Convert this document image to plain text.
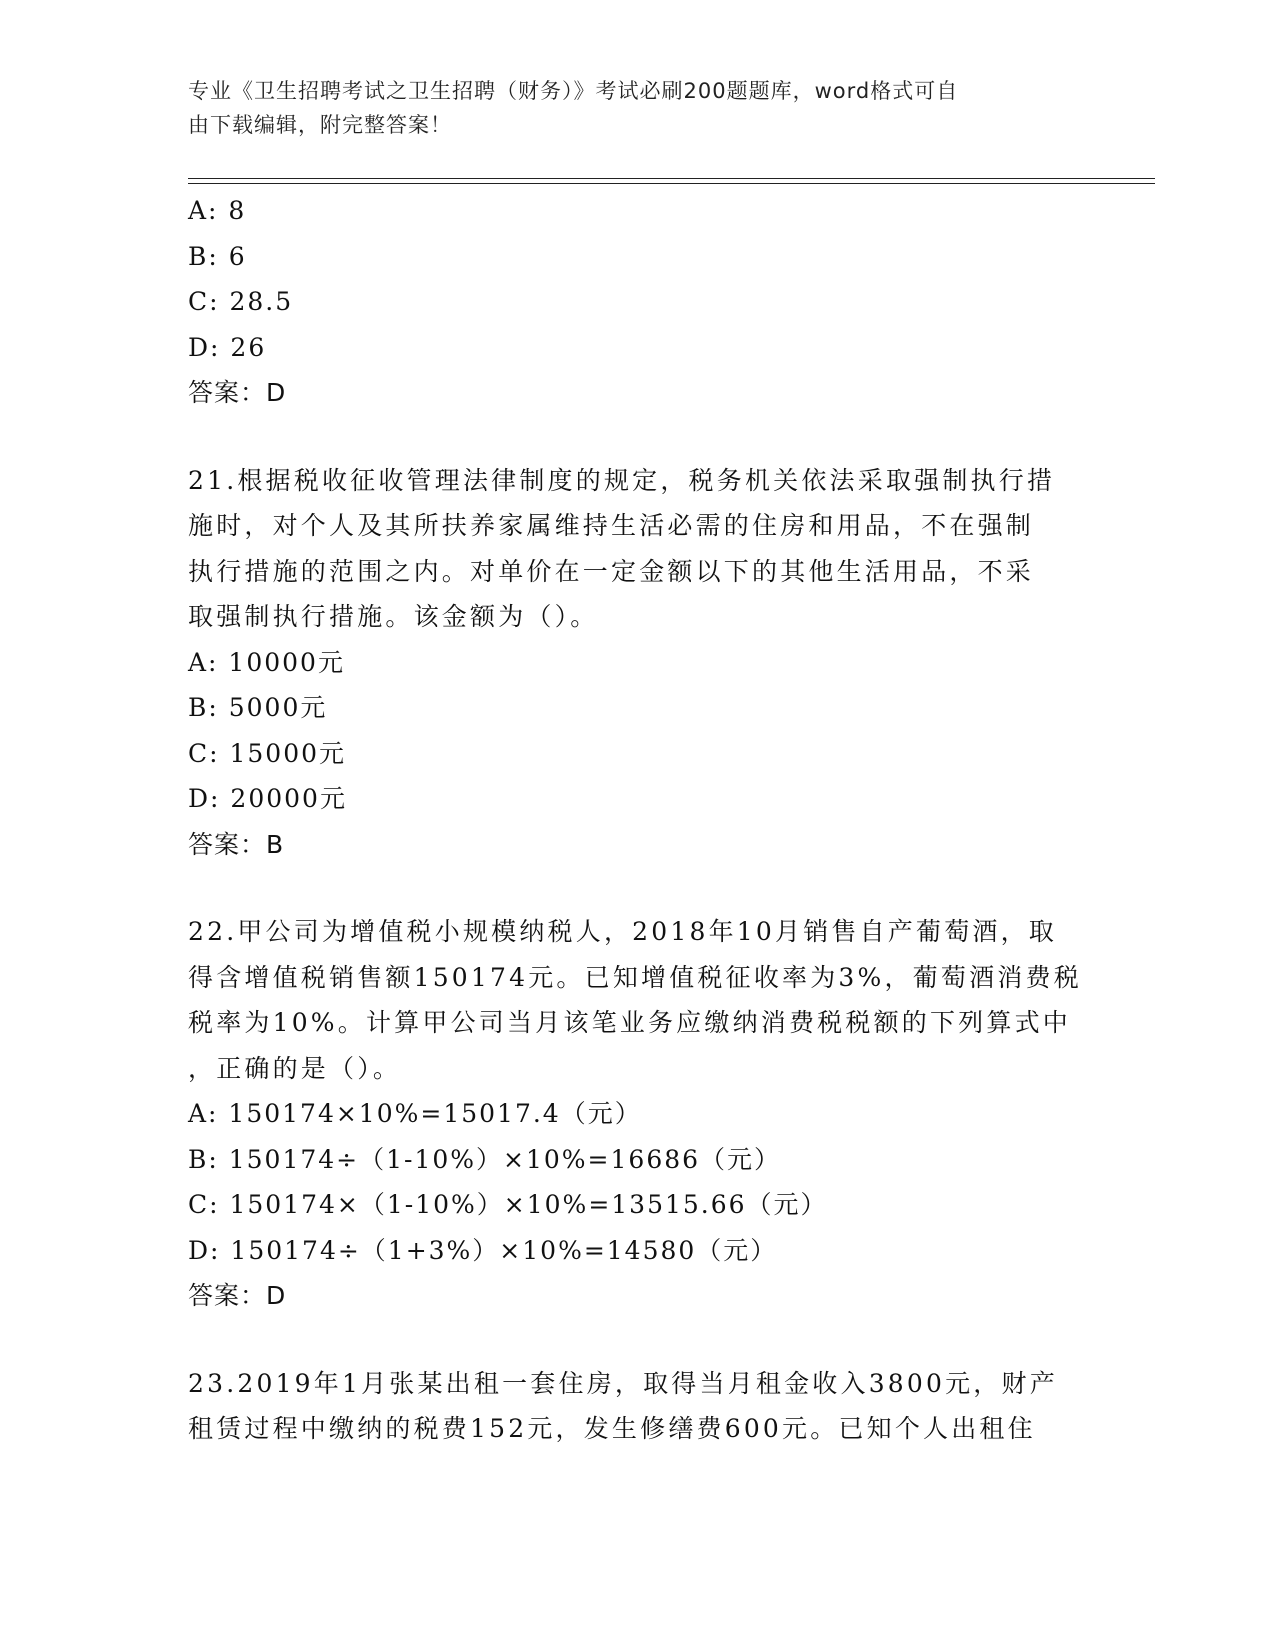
专业《卫生招聘考试之卫生招聘（财务）》考试必刷200题题库，word格式可自
由下载编辑，附完整答案！
A: 8
B: 6
C: 28.5
D: 26
答案：D
21.根据税收征收管理法律制度的规定，税务机关依法采取强制执行措
施时，对个人及其所扶养家属维持生活必需的住房和用品，不在强制
执行措施的范围之内。对单价在一定金额以下的其他生活用品，不采
取强制执行措施。该金额为（）。
A: 10000元
B: 5000元
C: 15000元
D: 20000元
答案：B
22.甲公司为增值税小规模纳税人，2018年10月销售自产葡萄酒，取
得含增值税销售额150174元。已知增值税征收率为3%，葡萄酒消费税
税率为10%。计算甲公司当月该笔业务应缴纳消费税税额的下列算式中
，正确的是（）。
A: 150174×10%=15017.4（元）
B: 150174÷（1-10%）×10%=16686（元）
C: 150174×（1-10%）×10%=13515.66（元）
D: 150174÷（1+3%）×10%=14580（元）
答案：D
23.2019年1月张某出租一套住房，取得当月租金收入3800元，财产
租赁过程中缴纳的税费152元，发生修缮费600元。已知个人出租住
